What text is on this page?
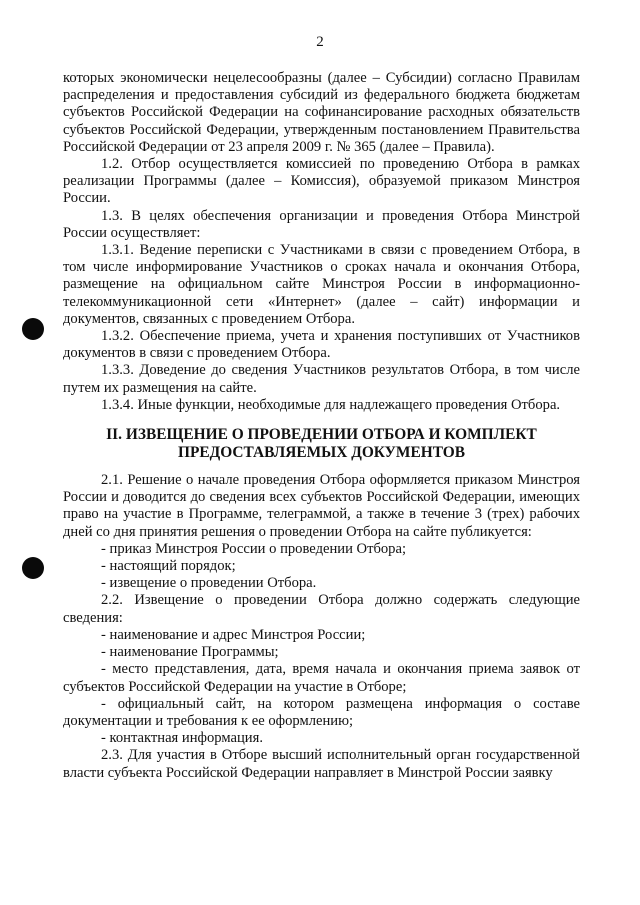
2

которых экономически нецелесообразны (далее – Субсидии) согласно Правилам распределения и предоставления субсидий из федерального бюджета бюджетам субъектов Российской Федерации на софинансирование расходных обязательств субъектов Российской Федерации, утвержденным постановлением Правительства Российской Федерации от 23 апреля 2009 г. № 365 (далее – Правила).

1.2. Отбор осуществляется комиссией по проведению Отбора в рамках реализации Программы (далее – Комиссия), образуемой приказом Минстроя России.

1.3. В целях обеспечения организации и проведения Отбора Минстрой России осуществляет:

1.3.1. Ведение переписки с Участниками в связи с проведением Отбора, в том числе информирование Участников о сроках начала и окончания Отбора, размещение на официальном сайте Минстроя России в информационно-телекоммуникационной сети «Интернет» (далее – сайт) информации и документов, связанных с проведением Отбора.

1.3.2. Обеспечение приема, учета и хранения поступивших от Участников документов в связи с проведением Отбора.

1.3.3. Доведение до сведения Участников результатов Отбора, в том числе путем их размещения на сайте.

1.3.4. Иные функции, необходимые для надлежащего проведения Отбора.

II. ИЗВЕЩЕНИЕ О ПРОВЕДЕНИИ ОТБОРА И КОМПЛЕКТ ПРЕДОСТАВЛЯЕМЫХ ДОКУМЕНТОВ

2.1. Решение о начале проведения Отбора оформляется приказом Минстроя России и доводится до сведения всех субъектов Российской Федерации, имеющих право на участие в Программе, телеграммой, а также в течение 3 (трех) рабочих дней со дня принятия решения о проведении Отбора на сайте публикуется:

- приказ Минстроя России о проведении Отбора;

- настоящий порядок;

- извещение о проведении Отбора.

2.2. Извещение о проведении Отбора должно содержать следующие сведения:

- наименование и адрес Минстроя России;

- наименование Программы;

- место представления, дата, время начала и окончания приема заявок от субъектов Российской Федерации на участие в Отборе;

- официальный сайт, на котором размещена информация о составе документации и требования к ее оформлению;

- контактная информация.

2.3. Для участия в Отборе высший исполнительный орган государственной власти субъекта Российской Федерации направляет в Минстрой России заявку
